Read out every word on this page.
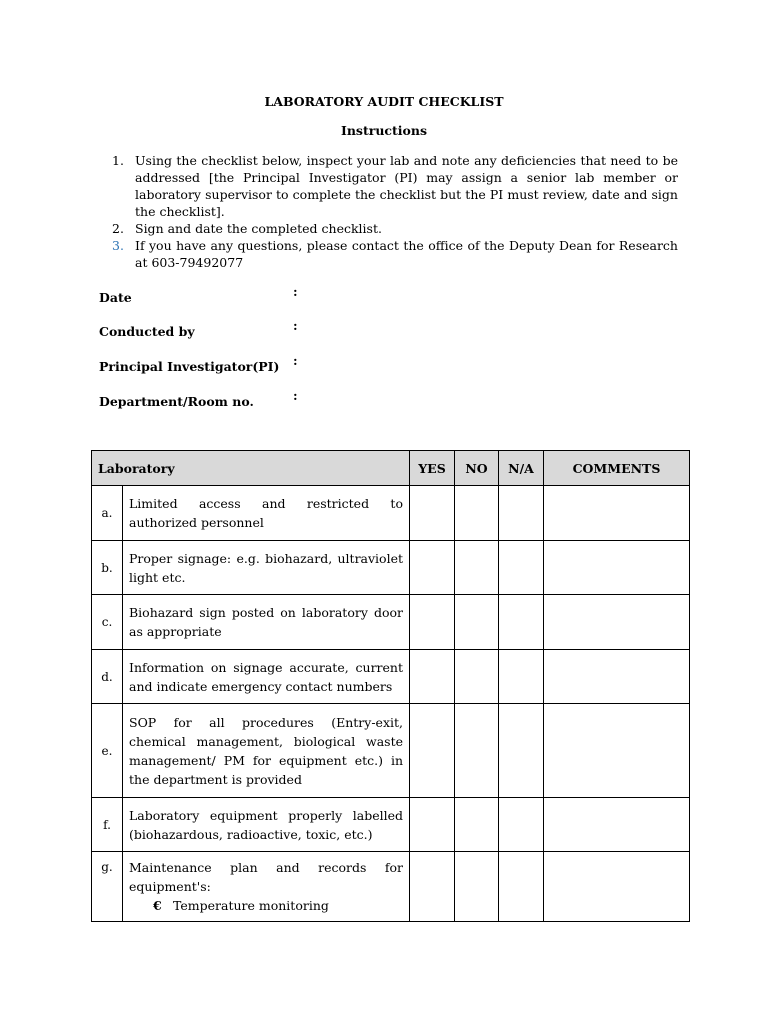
LABORATORY AUDIT CHECKLIST
Instructions
1. Using the checklist below, inspect your lab and note any deficiencies that need to be addressed [the Principal Investigator (PI) may assign a senior lab member or laboratory supervisor to complete the checklist but the PI must review, date and sign the checklist].
2. Sign and date the completed checklist.
3. If you have any questions, please contact the office of the Deputy Dean for Research at 603-79492077
Date	:
Conducted by	:
Principal Investigator(PI) :
Department/Room no.	:
Laboratory		YES	NO	N/A	COMMENTS
a.	Limited access and restricted to authorized personnel				
b.	Proper signage: e.g. biohazard, ultraviolet light etc.				
c.	Biohazard sign posted on laboratory door as appropriate				
d.	Information on signage accurate, current and indicate emergency contact numbers				
e.	SOP for all procedures (Entry-exit, chemical management, biological waste management/ PM for equipment etc.) in the department is provided				
f.	Laboratory equipment properly labelled (biohazardous, radioactive, toxic, etc.)				
g.	Maintenance plan and records for equipment's:
€ Temperature monitoring				
